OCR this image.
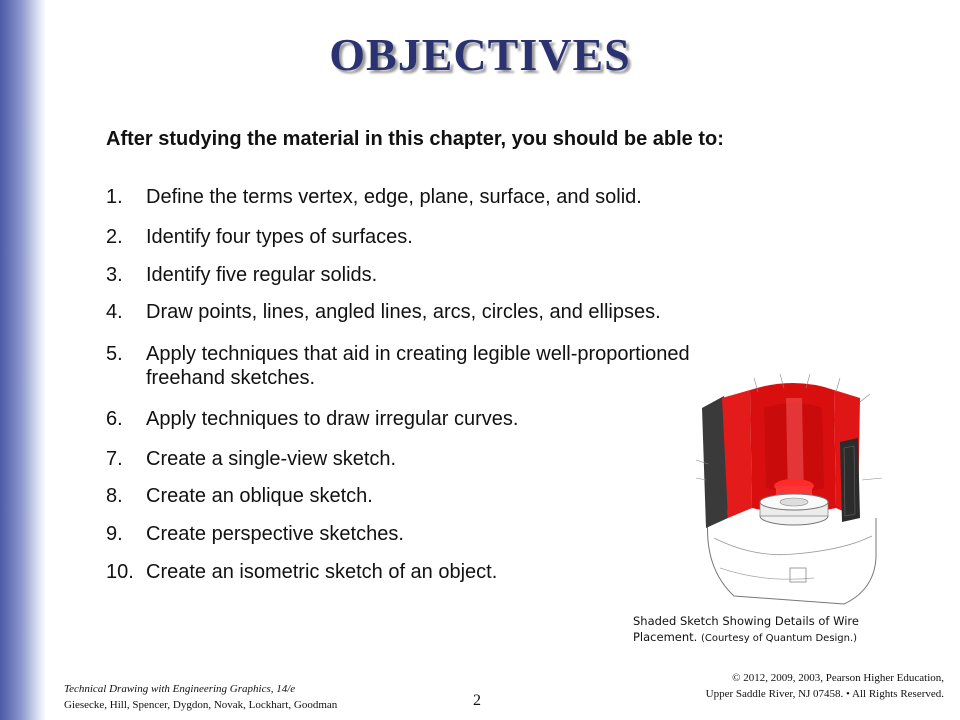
OBJECTIVES
After studying the material in this chapter, you should be able to:
1. Define the terms vertex, edge, plane, surface, and solid.
2. Identify four types of surfaces.
3. Identify five regular solids.
4. Draw points, lines, angled lines, arcs, circles, and ellipses.
5. Apply techniques that aid in creating legible well-proportioned
freehand sketches.
6. Apply techniques to draw irregular curves.
7. Create a single-view sketch.
8. Create an oblique sketch.
9. Create perspective sketches.
10. Create an isometric sketch of an object.
Shaded Sketch Showing Details of Wire
Placement. (Courtesy of Quantum Design.)
Technical Drawing with Engineering Graphics, 14/e
Giesecke, Hill, Spencer, Dygdon, Novak, Lockhart, Goodman	2
© 2012, 2009, 2003, Pearson Higher Education,
Upper Saddle River, NJ 07458. • All Rights Reserved.
